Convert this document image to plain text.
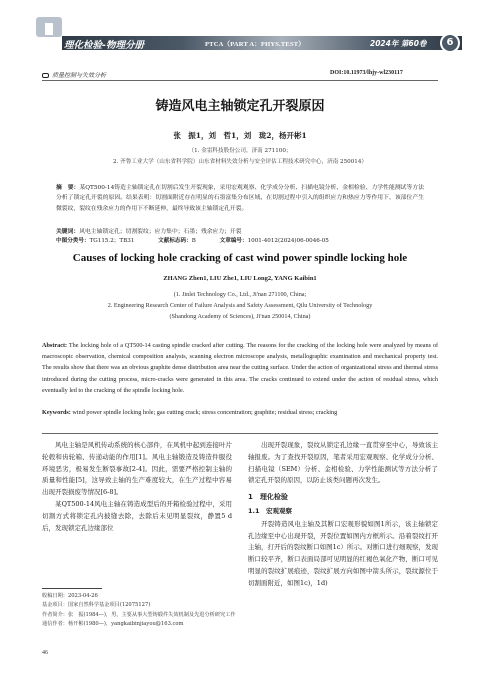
理化检验-物理分册	PTCA（PART A：PHYS.TEST）	2024年 第60卷	6
质量控制与失效分析	DOI:10.11973/lhjy-wl230117
铸造风电主轴锁定孔开裂原因
张　振1，刘　哲1，刘　珑2，杨开彬1
（1. 金雷科技股份公司，济南 271100；
2. 齐鲁工业大学（山东省科学院）山东省材料失效分析与安全评估工程技术研究中心，济南 250014）
摘　要：某QT500-14铸造主轴锁定孔在切割后发生开裂现象，采用宏观观察、化学成分分析、扫描电镜分析、金相检验、力学性能测试等方法分析了锁定孔开裂的原因。结果表明：切割面附近存在明显的石墨富集分布区域，在切割过程中引入的组织应力和热应力等作用下，该部位产生微裂纹，裂纹在残余应力的作用下不断延伸，最终导致该主轴锁定孔开裂。
关键词：风电主轴锁定孔；切割裂纹；应力集中；石墨；残余应力；开裂
中图分类号：TG115.2；TB31	文献标志码：B	文章编号：1001-4012(2024)06-0046-05
Causes of locking hole cracking of cast wind power spindle locking hole
ZHANG Zhen1, LIU Zhe1, LIU Long2, YANG Kaibin1
(1. Jinlei Technology Co., Ltd., Ji'nan 271100, China;
2. Engineering Research Center of Failure Analysis and Safety Assessment, Qilu University of Technology
(Shandong Academy of Sciences), Ji'nan 250014, China)
Abstract: The locking hole of a QT500-14 casting spindle cracked after cutting. The reasons for the cracking of the locking hole were analyzed by means of macroscopic observation, chemical composition analysis, scanning electron microscope analysis, metallographic examination and mechanical property test. The results show that there was an obvious graphite dense distribution area near the cutting surface. Under the action of organizational stress and thermal stress introduced during the cutting process, micro-cracks were generated in this area. The cracks continued to extend under the action of residual stress, which eventually led to the cracking of the spindle locking hole.
Keywords: wind power spindle locking hole; gas cutting crack; stress concentration; graphite; residual stress; cracking

风电主轴是风机传动系统的核心部件，在风机中起到连接叶片轮毂和齿轮箱、传递动能的作用[1]。风电主轴锻造及铸造件服役环境恶劣，极易发生断裂事故[2-4]。因此，需要严格控制主轴的质量和性能[5]，这导致主轴的生产难度较大，在生产过程中容易出现开裂损废等情况[6-8]。

某QT500-14风电主轴在铸造成型后的开箱检验过程中，采用切割方式将锁定孔内披缝去除，去除后未见明显裂纹，静置5 d后，发现锁定孔边缘部位

出现开裂现象，裂纹从锁定孔边缘一直贯穿至中心，导致该主轴报废。为了查找开裂原因，笔者采用宏观观察、化学成分分析、扫描电镜（SEM）分析、金相检验、力学性能测试等方法分析了锁定孔开裂的原因，以防止该类问题再次发生。

1　理化检验

1.1　宏观观察

开裂铸造风电主轴及其断口宏观形貌如图1所示，该主轴锁定孔边缘至中心出现开裂，开裂位置如图内方框所示。沿着裂纹打开主轴，打开后的裂纹断口如图1c）所示。对断口进行细观察，发现断口较平齐，断口表面局部可见明显的红褐色氧化产物，断口可见明显的裂纹扩展痕迹，裂纹扩展方向如图中箭头所示，裂纹源位于切割面附近，如图1c)，1d)

收稿日期：2023-04-26
基金项目：国家自然科学基金项目(12075127)
作者简介：张　振(1984—)，男，主要从事大型铸锻件失效机制及先进分析研究工作
通信作者：杨开彬(1980—)，yangkaibinjiayou@163.com
46
